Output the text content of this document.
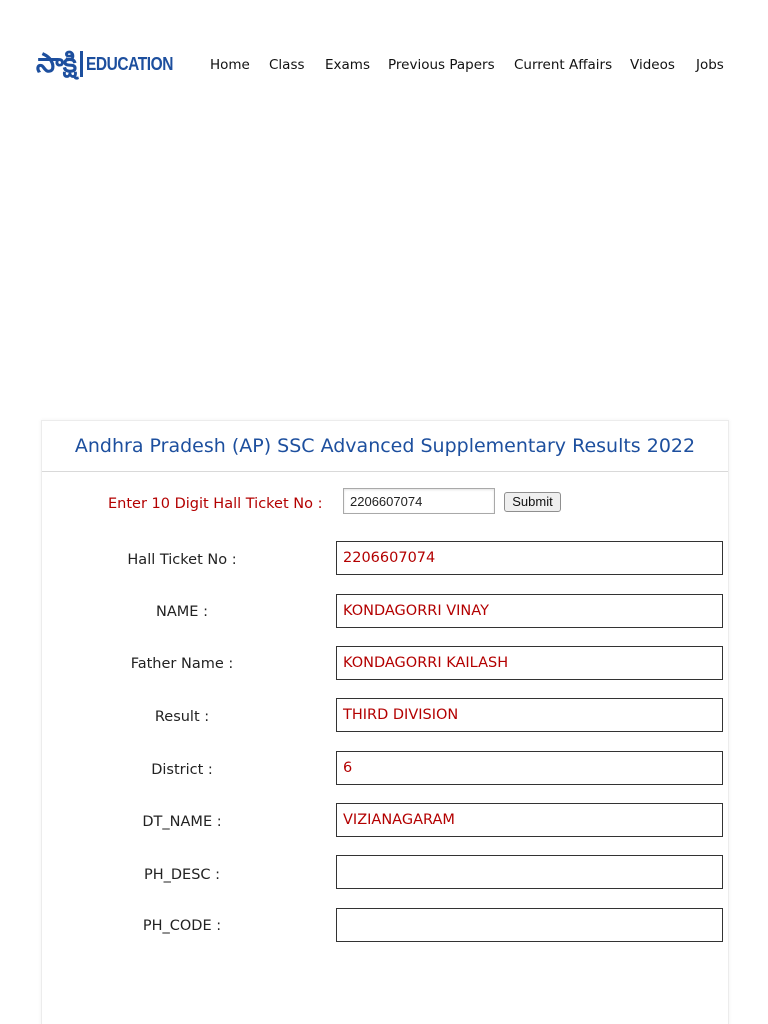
సాక్షి EDUCATION	Home Class Exams Previous Papers Current Affairs Videos Jobs
Andhra Pradesh (AP) SSC Advanced Supplementary Results 2022
Enter 10 Digit Hall Ticket No :
2206607074	Submit
Hall Ticket No :	2206607074
NAME :	KONDAGORRI VINAY
Father Name :	KONDAGORRI KAILASH
Result :	THIRD DIVISION
District :	6
DT_NAME :	VIZIANAGARAM
PH_DESC :
PH_CODE :
